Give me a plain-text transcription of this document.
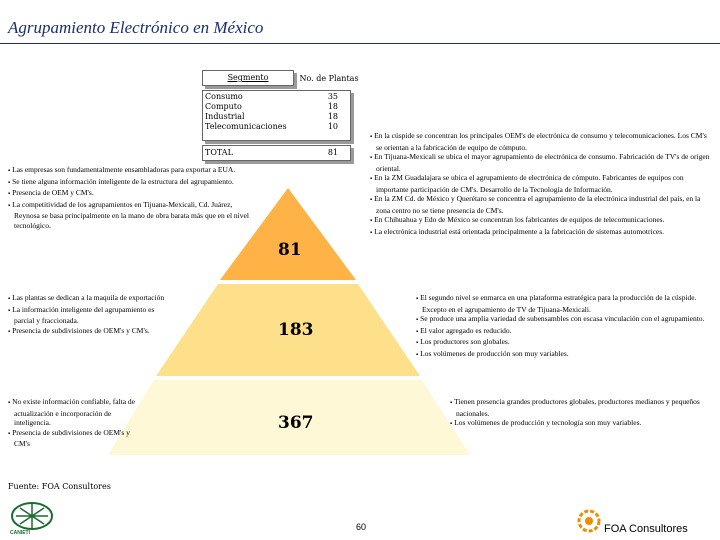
Agrupamiento Electrónico en México
Segmento	No. de Plantas
Consumo	35
Computo	18
Industrial	18
Telecomunicaciones	10
TOTAL	81
▪ Las empresas son fundamentalmente ensambladoras para exportar a EUA.
▪ Se tiene alguna información inteligente de la estructura del agrupamiento.
▪ Presencia de OEM y CM's.
▪ La competitividad de los agrupamientos en Tijuana-Mexicali, Cd. Juárez, Reynosa se basa principalmente en la mano de obra barata más que en el nivel tecnológico.
▪ En la cúspide se concentran los principales OEM's de electrónica de consumo y telecomunicaciones. Los CM's se orientan a la fabricación de equipo de cómputo.
▪ En Tijuana-Mexicali se ubica el mayor agrupamiento de electrónica de consumo. Fabricación de TV's de origen oriental.
▪ En la ZM Guadalajara se ubica el agrupamiento de electrónica de cómputo. Fabricantes de equipos con importante participación de CM's. Desarrollo de la Tecnología de Información.
▪ En la ZM Cd. de México y Querétaro se concentra el agrupamiento de la electrónica industrial del país, en la zona centro no se tiene presencia de CM's.
▪ En Chihuahua y Edo de México se concentran los fabricantes de equipos de telecomunicaciones.
▪ La electrónica industrial está orientada principalmente a la fabricación de sistemas automotrices.
81
▪ Las plantas se dedican a la maquila de exportación
▪ La información inteligente del agrupamiento es parcial y fraccionada.
▪ Presencia de subdivisiones de OEM's y CM's.
▪ El segundo nivel se enmarca en una plataforma estratégica para la producción de la cúspide. Excepto en el agrupamiento de TV de Tijuana-Mexicali.
▪ Se produce una amplia variedad de subensambles con escasa vinculación con el agrupamiento.
▪ El valor agregado es reducido.
▪ Los productores son globales.
▪ Los volúmenes de producción son muy variables.
183
▪ No existe información confiable, falta de actualización e incorporación de inteligencia.
▪ Presencia de subdivisiones de OEM's y CM's
▪ Tienen presencia grandes productores globales, productores medianos y pequeños nacionales.
▪ Los volúmenes de producción y tecnología son muy variables.
367
Fuente: FOA Consultores
60
CANIETI	FOA Consultores
